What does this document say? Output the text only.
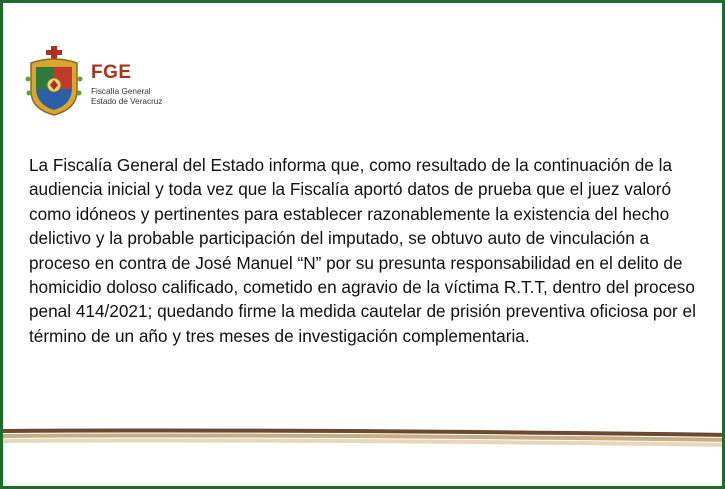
FGE
Fiscalía General
Estado de Veracruz

La Fiscalía General del Estado informa que, como resultado de la continuación de la audiencia inicial y toda vez que la Fiscalía aportó datos de prueba que el juez valoró como idóneos y pertinentes para establecer razonablemente la existencia del hecho delictivo y la probable participación del imputado, se obtuvo auto de vinculación a proceso en contra de José Manuel “N” por su presunta responsabilidad en el delito de homicidio doloso calificado, cometido en agravio de la víctima R.T.T, dentro del proceso penal 414/2021; quedando firme la medida cautelar de prisión preventiva oficiosa por el término de un año y tres meses de investigación complementaria.
